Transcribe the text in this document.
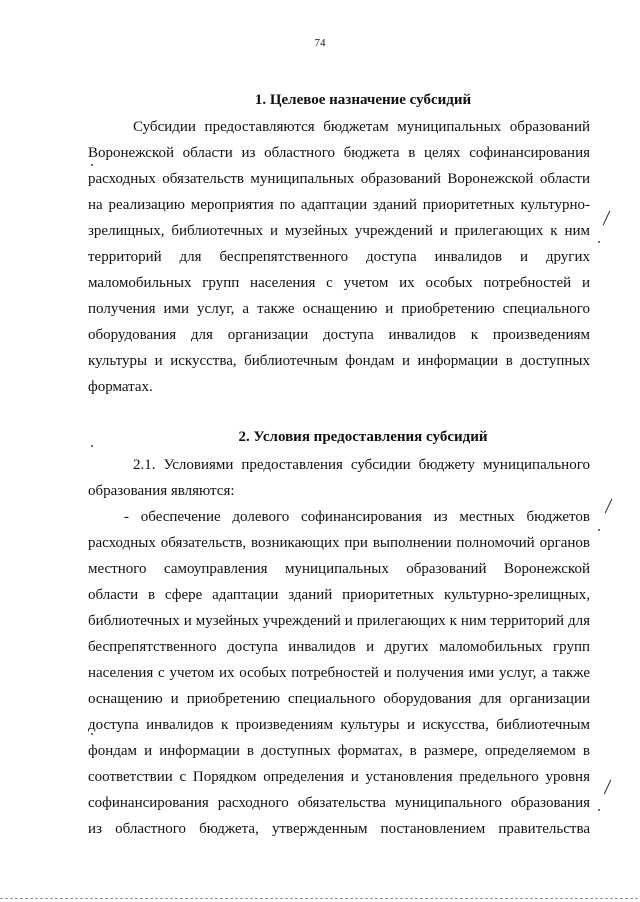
74
1. Целевое назначение субсидий
Субсидии предоставляются бюджетам муниципальных образований
Воронежской области из областного бюджета в целях софинансирования
расходных обязательств муниципальных образований Воронежской области
на реализацию мероприятия по адаптации зданий приоритетных культурно-
зрелищных, библиотечных и музейных учреждений и прилегающих к ним
территорий для беспрепятственного доступа инвалидов и других
маломобильных групп населения с учетом их особых потребностей и
получения ими услуг, а также оснащению и приобретению специального
оборудования для организации доступа инвалидов к произведениям
культуры и искусства, библиотечным фондам и информации в доступных
форматах.
2. Условия предоставления субсидий
2.1. Условиями предоставления субсидии бюджету муниципального
образования являются:
- обеспечение долевого софинансирования из местных бюджетов
расходных обязательств, возникающих при выполнении полномочий органов
местного самоуправления муниципальных образований Воронежской
области в сфере адаптации зданий приоритетных культурно-зрелищных,
библиотечных и музейных учреждений и прилегающих к ним территорий для
беспрепятственного доступа инвалидов и других маломобильных групп
населения с учетом их особых потребностей и получения ими услуг, а также
оснащению и приобретению специального оборудования для организации
доступа инвалидов к произведениям культуры и искусства, библиотечным
фондам и информации в доступных форматах, в размере, определяемом в
соответствии с Порядком определения и установления предельного уровня
софинансирования расходного обязательства муниципального образования
из областного бюджета, утвержденным постановлением правительства
